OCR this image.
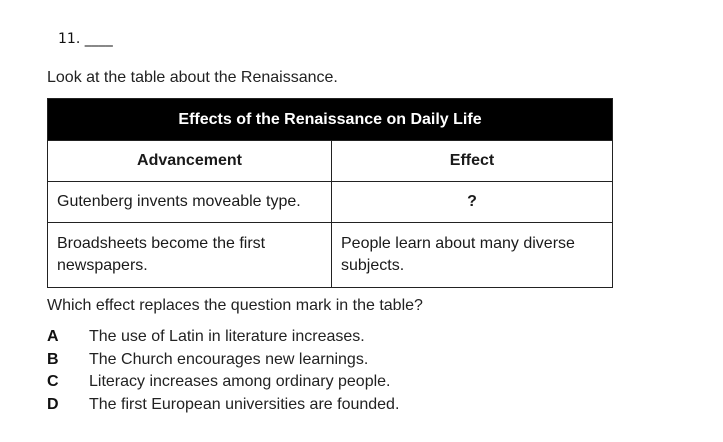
11. ____
Look at the table about the Renaissance.
Effects of the Renaissance on Daily Life	
Advancement	Effect
Gutenberg invents moveable type.	?
Broadsheets become the first newspapers.	People learn about many diverse subjects.
Which effect replaces the question mark in the table?
A	The use of Latin in literature increases.
B	The Church encourages new learnings.
C	Literacy increases among ordinary people.
D	The first European universities are founded.
